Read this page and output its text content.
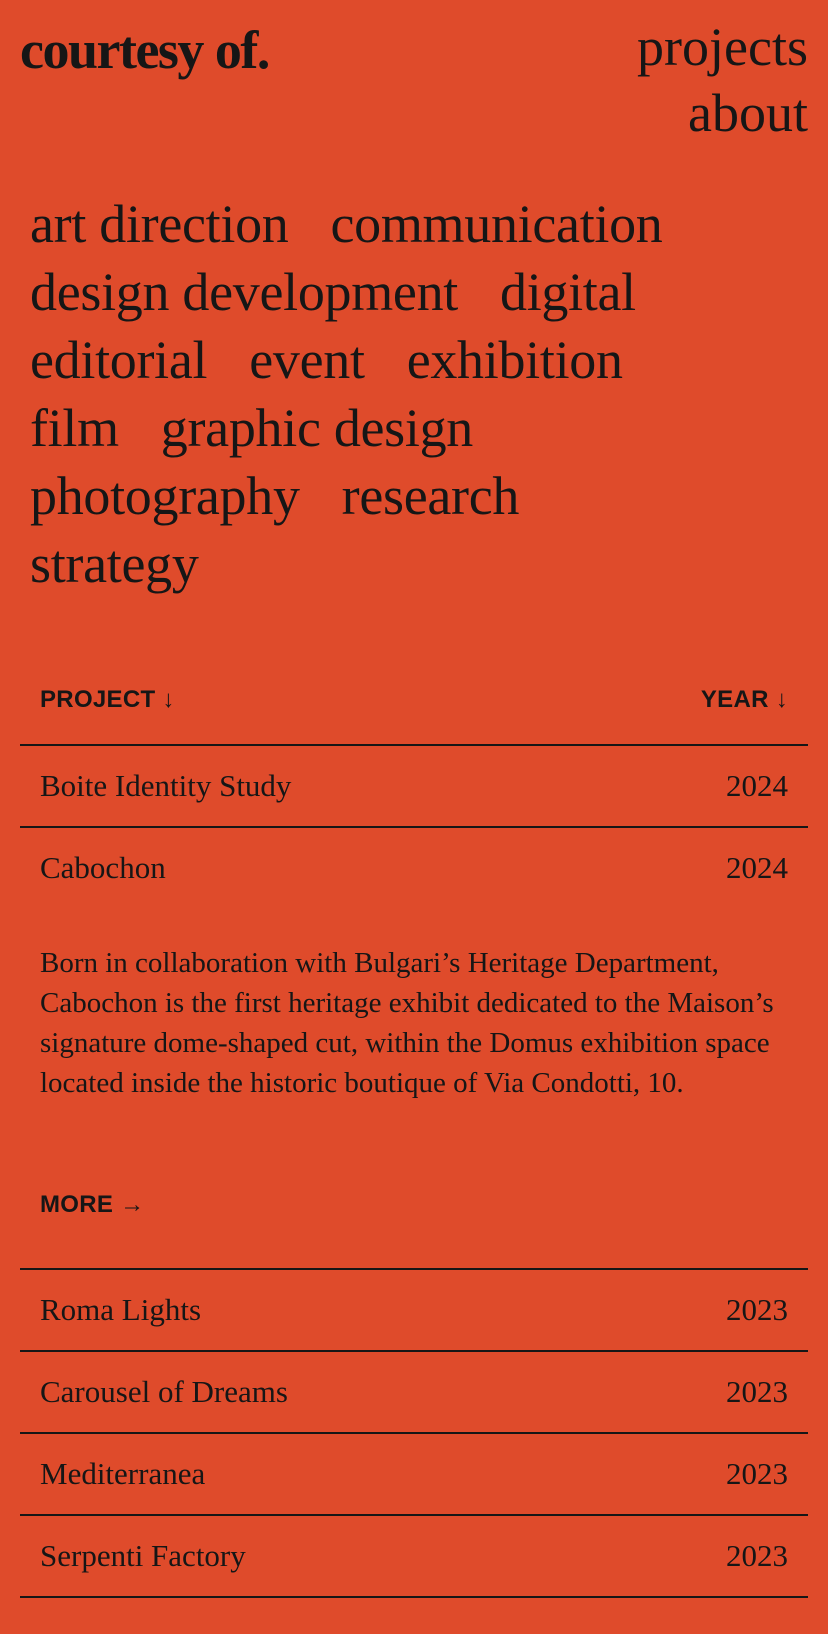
courtesy of.	projects
about
art direction communication
design development digital
editorial event exhibition
film graphic design
photography research
strategy
PROJECT ↓	YEAR ↓
Boite Identity Study	2024
Cabochon	2024

Born in collaboration with Bulgari’s Heritage Department, Cabochon is the first heritage exhibit dedicated to the Maison’s signature dome-shaped cut, within the Domus exhibition space located inside the historic boutique of Via Condotti, 10.

MORE →
Roma Lights	2023
Carousel of Dreams	2023
Mediterranea	2023
Serpenti Factory	2023
